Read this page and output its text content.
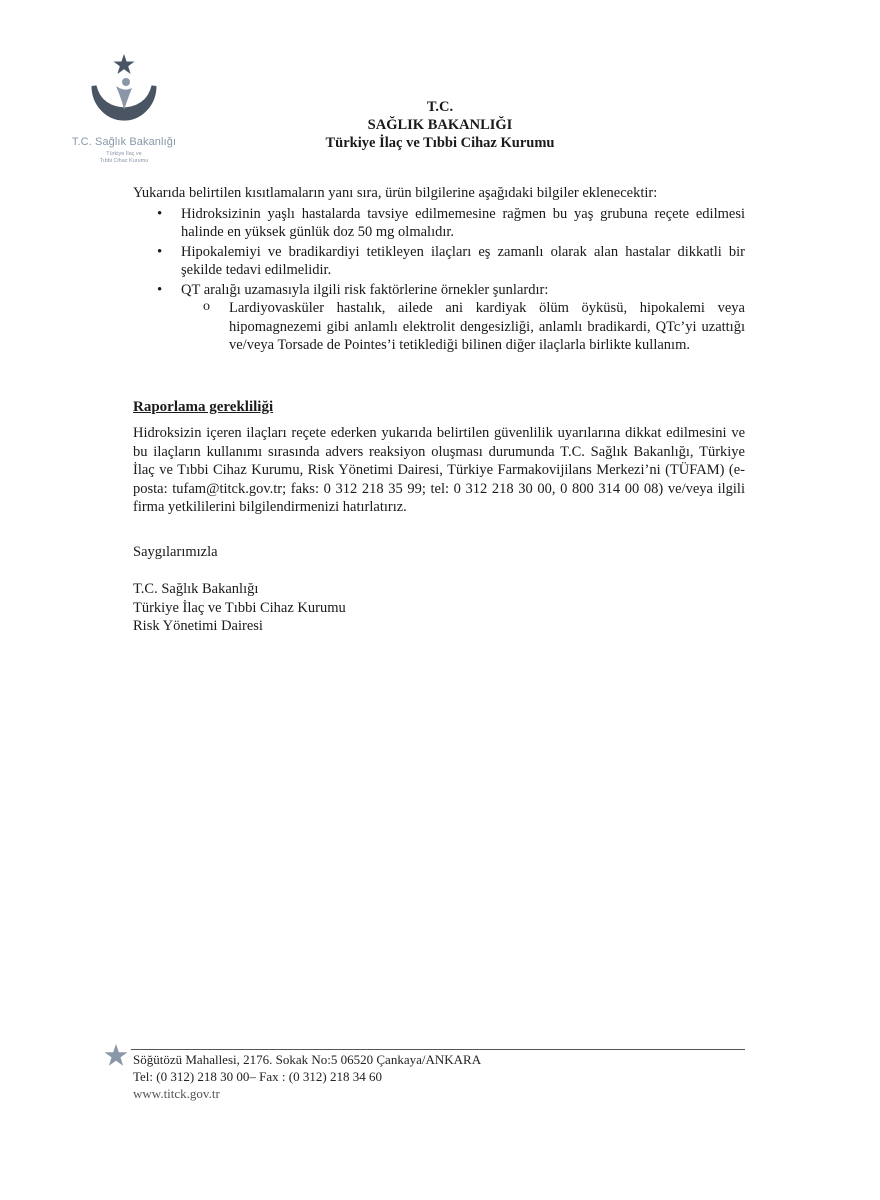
T.C. Sağlık Bakanlığı
Türkiye İlaç ve
Tıbbi Cihaz Kurumu
T.C.
SAĞLIK BAKANLIĞI
Türkiye İlaç ve Tıbbi Cihaz Kurumu

Yukarıda belirtilen kısıtlamaların yanı sıra, ürün bilgilerine aşağıdaki bilgiler eklenecektir:

• Hidroksizinin yaşlı hastalarda tavsiye edilmemesine rağmen bu yaş grubuna reçete edilmesi halinde en yüksek günlük doz 50 mg olmalıdır.
• Hipokalemiyi ve bradikardiyi tetikleyen ilaçları eş zamanlı olarak alan hastalar dikkatli bir şekilde tedavi edilmelidir.
• QT aralığı uzamasıyla ilgili risk faktörlerine örnekler şunlardır:
o Lardiyovasküler hastalık, ailede ani kardiyak ölüm öyküsü, hipokalemi veya hipomagnezemi gibi anlamlı elektrolit dengesizliği, anlamlı bradikardi, QTc’yi uzattığı ve/veya Torsade de Pointes’i tetiklediği bilinen diğer ilaçlarla birlikte kullanım.

Raporlama gerekliliği

Hidroksizin içeren ilaçları reçete ederken yukarıda belirtilen güvenlilik uyarılarına dikkat edilmesini ve bu ilaçların kullanımı sırasında advers reaksiyon oluşması durumunda T.C. Sağlık Bakanlığı, Türkiye İlaç ve Tıbbi Cihaz Kurumu, Risk Yönetimi Dairesi, Türkiye Farmakovijilans Merkezi’ni (TÜFAM) (e-posta: tufam@titck.gov.tr; faks: 0 312 218 35 99; tel: 0 312 218 30 00, 0 800 314 00 08) ve/veya ilgili firma yetkililerini bilgilendirmenizi hatırlatırız.

Saygılarımızla

T.C. Sağlık Bakanlığı
Türkiye İlaç ve Tıbbi Cihaz Kurumu
Risk Yönetimi Dairesi
Söğütözü Mahallesi, 2176. Sokak No:5 06520 Çankaya/ANKARA
Tel: (0 312) 218 30 00– Fax : (0 312) 218 34 60
www.titck.gov.tr
